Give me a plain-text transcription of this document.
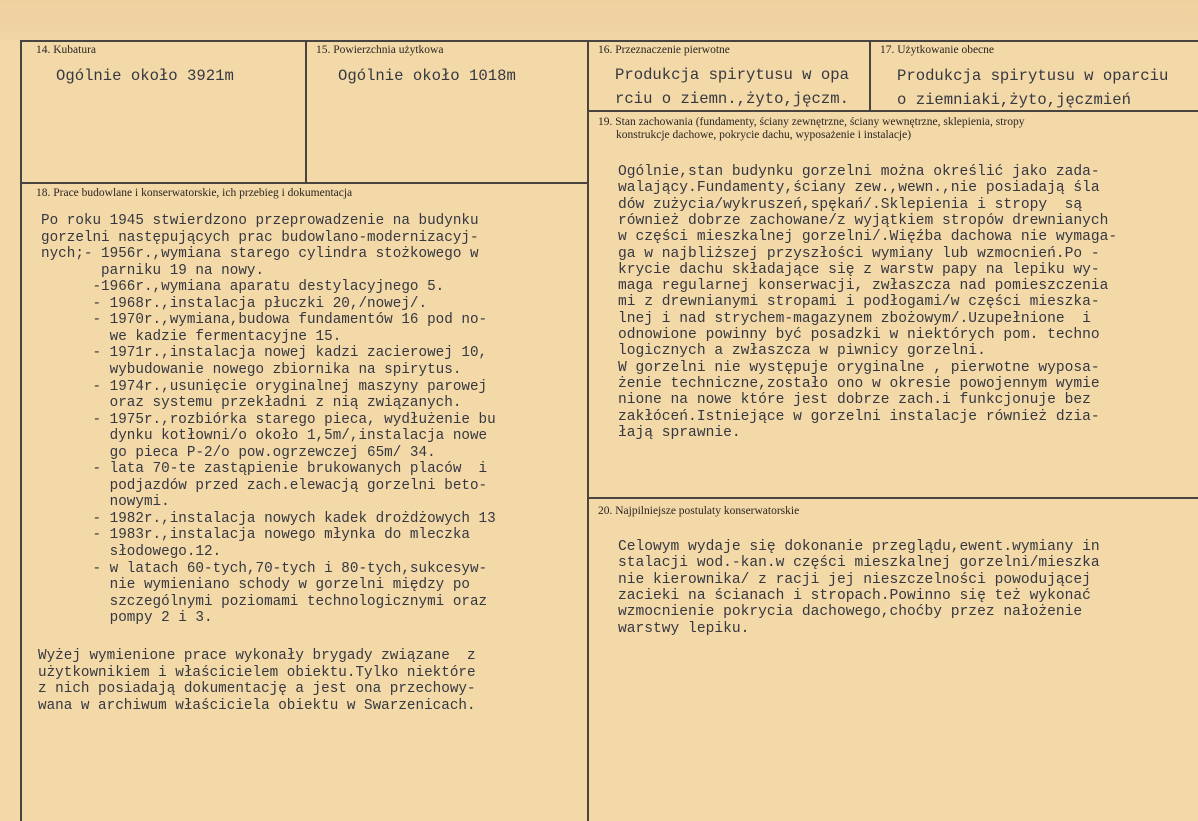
14. Kubatura
Ogólnie około 3921m
15. Powierzchnia użytkowa
Ogólnie około 1018m
16. Przeznaczenie pierwotne
Produkcja spirytusu w opa
rciu o ziemn.,żyto,jęczm.
17. Użytkowanie obecne
Produkcja spirytusu w oparciu
o ziemniaki,żyto,jęczmień
18. Prace budowlane i konserwatorskie, ich przebieg i dokumentacja
Po roku 1945 stwierdzono przeprowadzenie na budynku
gorzelni następujących prac budowlano-modernizacyj-
nych;- 1956r.,wymiana starego cylindra stożkowego w
parniku 19 na nowy.
-1966r.,wymiana aparatu destylacyjnego 5.
- 1968r.,instalacja płuczki 20,/nowej/.
- 1970r.,wymiana,budowa fundamentów 16 pod no-
we kadzie fermentacyjne 15.
- 1971r.,instalacja nowej kadzi zacierowej 10,
wybudowanie nowego zbiornika na spirytus.
- 1974r.,usunięcie oryginalnej maszyny parowej
oraz systemu przekładni z nią związanych.
- 1975r.,rozbiórka starego pieca, wydłużenie bu
dynku kotłowni/o około 1,5m/,instalacja nowe
go pieca P-2/o pow.ogrzewczej 65m/ 34.
- lata 70-te zastąpienie brukowanych placów  i
podjazdów przed zach.elewacją gorzelni beto-
nowymi.
- 1982r.,instalacja nowych kadek drożdżowych 13
- 1983r.,instalacja nowego młynka do mleczka
słodowego.12.
- w latach 60-tych,70-tych i 80-tych,sukcesyw-
nie wymieniano schody w gorzelni między po
szczególnymi poziomami technologicznymi oraz
pompy 2 i 3.
Wyżej wymienione prace wykonały brygady związane  z
użytkownikiem i właścicielem obiektu.Tylko niektóre
z nich posiadają dokumentację a jest ona przechowy-
wana w archiwum właściciela obiektu w Swarzenicach.
19. Stan zachowania (fundamenty, ściany zewnętrzne, ściany wewnętrzne, sklepienia, stropy
konstrukcje dachowe, pokrycie dachu, wyposażenie i instalacje)
Ogólnie,stan budynku gorzelni można określić jako zada-
walający.Fundamenty,ściany zew.,wewn.,nie posiadają śla
dów zużycia/wykruszeń,spękań/.Sklepienia i stropy  są
również dobrze zachowane/z wyjątkiem stropów drewnianych
w części mieszkalnej gorzelni/.Więźba dachowa nie wymaga-
ga w najbliższej przyszłości wymiany lub wzmocnień.Po -
krycie dachu składające się z warstw papy na lepiku wy-
maga regularnej konserwacji, zwłaszcza nad pomieszczenia
mi z drewnianymi stropami i podłogami/w części mieszka-
lnej i nad strychem-magazynem zbożowym/.Uzupełnione  i
odnowione powinny być posadzki w niektórych pom. techno
logicznych a zwłaszcza w piwnicy gorzelni.
W gorzelni nie występuje oryginalne , pierwotne wyposa-
żenie techniczne,zostało ono w okresie powojennym wymie
nione na nowe które jest dobrze zach.i funkcjonuje bez
zakłóceń.Istniejące w gorzelni instalacje również dzia-
łają sprawnie.
20. Najpilniejsze postulaty konserwatorskie
Celowym wydaje się dokonanie przeglądu,ewent.wymiany in
stalacji wod.-kan.w części mieszkalnej gorzelni/mieszka
nie kierownika/ z racji jej nieszczelności powodującej
zacieki na ścianach i stropach.Powinno się też wykonać
wzmocnienie pokrycia dachowego,choćby przez nałożenie
warstwy lepiku.
